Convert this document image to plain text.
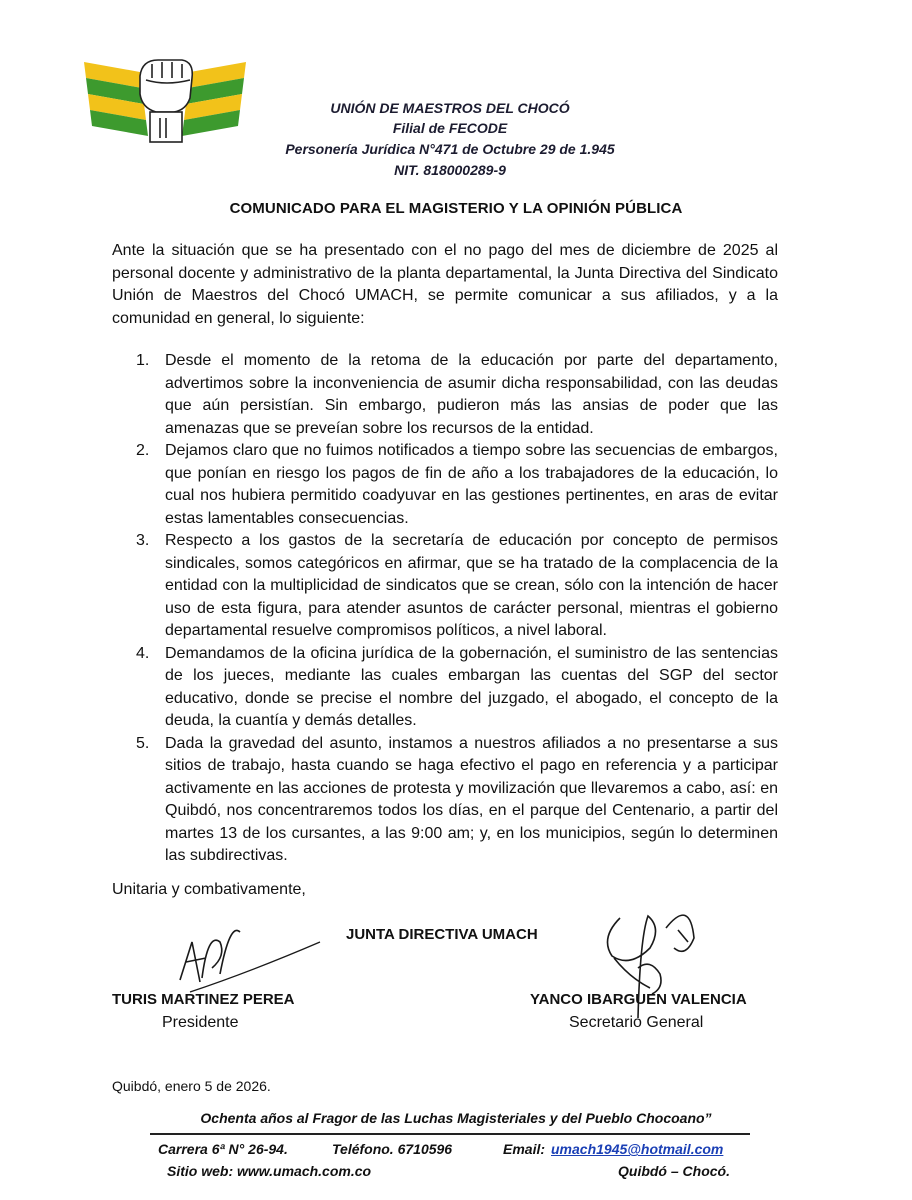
UNIÓN DE MAESTROS DEL CHOCÓ
Filial de FECODE
Personería Jurídica N°471 de Octubre 29 de 1.945
NIT. 818000289-9
COMUNICADO PARA EL MAGISTERIO Y LA OPINIÓN PÚBLICA

Ante la situación que se ha presentado con el no pago del mes de diciembre de 2025 al personal docente y administrativo de la planta departamental, la Junta Directiva del Sindicato Unión de Maestros del Chocó UMACH, se permite comunicar a sus afiliados, y a la comunidad en general, lo siguiente:

1. Desde el momento de la retoma de la educación por parte del departamento, advertimos sobre la inconveniencia de asumir dicha responsabilidad, con las deudas que aún persistían. Sin embargo, pudieron más las ansias de poder que las amenazas que se preveían sobre los recursos de la entidad.
2. Dejamos claro que no fuimos notificados a tiempo sobre las secuencias de embargos, que ponían en riesgo los pagos de fin de año a los trabajadores de la educación, lo cual nos hubiera permitido coadyuvar en las gestiones pertinentes, en aras de evitar estas lamentables consecuencias.
3. Respecto a los gastos de la secretaría de educación por concepto de permisos sindicales, somos categóricos en afirmar, que se ha tratado de la complacencia de la entidad con la multiplicidad de sindicatos que se crean, sólo con la intención de hacer uso de esta figura, para atender asuntos de carácter personal, mientras el gobierno departamental resuelve compromisos políticos, a nivel laboral.
4. Demandamos de la oficina jurídica de la gobernación, el suministro de las sentencias de los jueces, mediante las cuales embargan las cuentas del SGP del sector educativo, donde se precise el nombre del juzgado, el abogado, el concepto de la deuda, la cuantía y demás detalles.
5. Dada la gravedad del asunto, instamos a nuestros afiliados a no presentarse a sus sitios de trabajo, hasta cuando se haga efectivo el pago en referencia y a participar activamente en las acciones de protesta y movilización que llevaremos a cabo, así: en Quibdó, nos concentraremos todos los días, en el parque del Centenario, a partir del martes 13 de los cursantes, a las 9:00 am; y, en los municipios, según lo determinen las subdirectivas.
Unitaria y combativamente,
JUNTA DIRECTIVA UMACH
TURIS MARTINEZ PEREA
Presidente
YANCO IBARGUEN VALENCIA
Secretario General
Quibdó, enero 5 de 2026.
Ochenta años al Fragor de las Luchas Magisteriales y del Pueblo Chocoano”
Carrera 6ª N° 26-94.	Teléfono. 6710596	Email: umach1945@hotmail.com
Sitio web: www.umach.com.co	Quibdó – Chocó.
